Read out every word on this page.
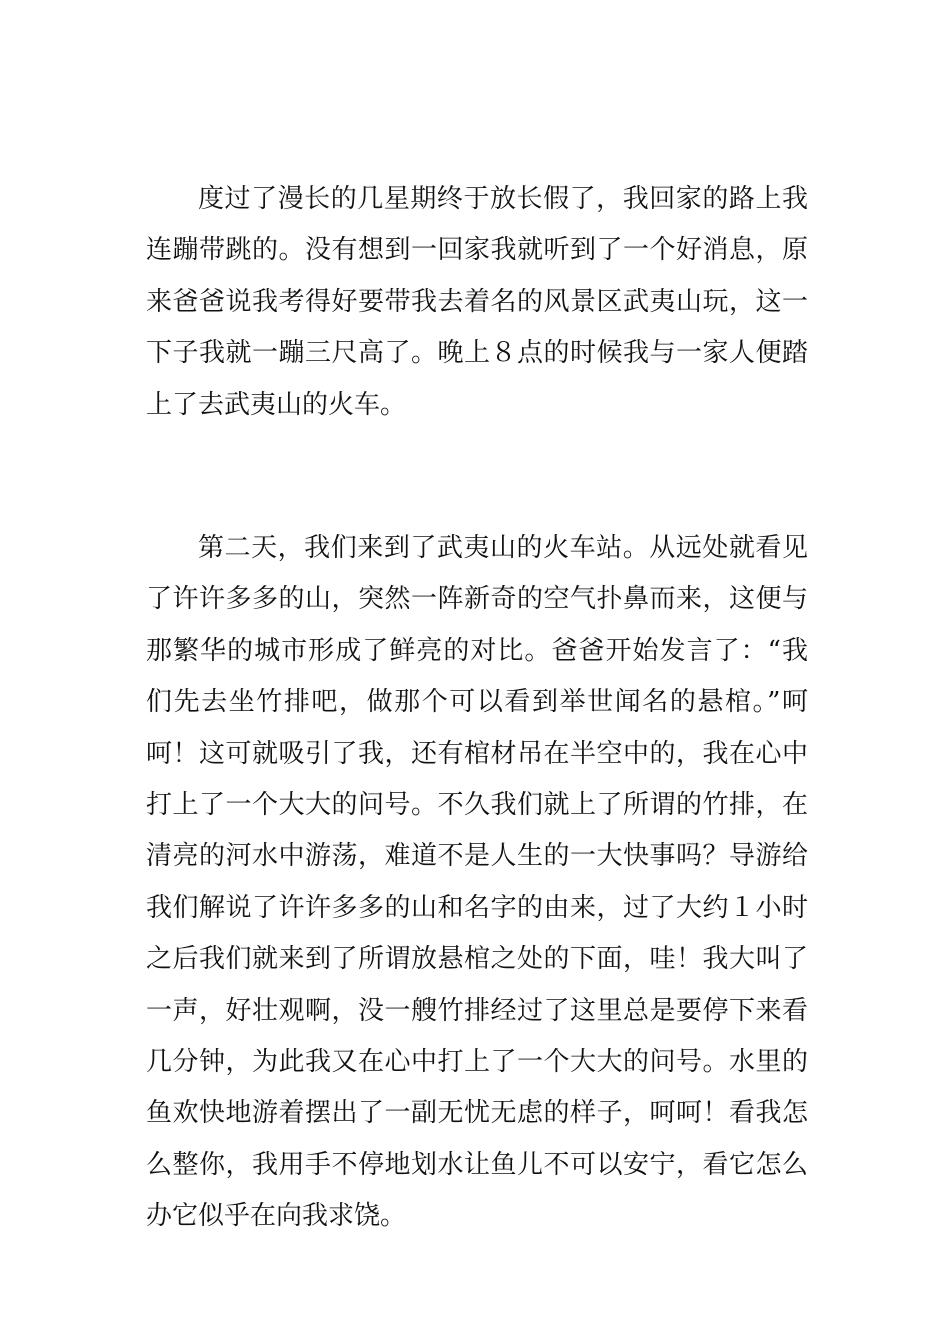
度过了漫长的几星期终于放长假了，我回家的路上我连蹦带跳的。没有想到一回家我就听到了一个好消息，原来爸爸说我考得好要带我去着名的风景区武夷山玩，这一下子我就一蹦三尺高了。晚上８点的时候我与一家人便踏上了去武夷山的火车。

第二天，我们来到了武夷山的火车站。从远处就看见了许许多多的山，突然一阵新奇的空气扑鼻而来，这便与那繁华的城市形成了鲜亮的对比。爸爸开始发言了：“我们先去坐竹排吧，做那个可以看到举世闻名的悬棺。”呵呵！这可就吸引了我，还有棺材吊在半空中的，我在心中打上了一个大大的问号。不久我们就上了所谓的竹排，在清亮的河水中游荡，难道不是人生的一大快事吗？导游给我们解说了许许多多的山和名字的由来，过了大约１小时之后我们就来到了所谓放悬棺之处的下面，哇！我大叫了一声，好壮观啊，没一艘竹排经过了这里总是要停下来看几分钟，为此我又在心中打上了一个大大的问号。水里的鱼欢快地游着摆出了一副无忧无虑的样子，呵呵！看我怎么整你，我用手不停地划水让鱼儿不可以安宁，看它怎么办它似乎在向我求饶。
